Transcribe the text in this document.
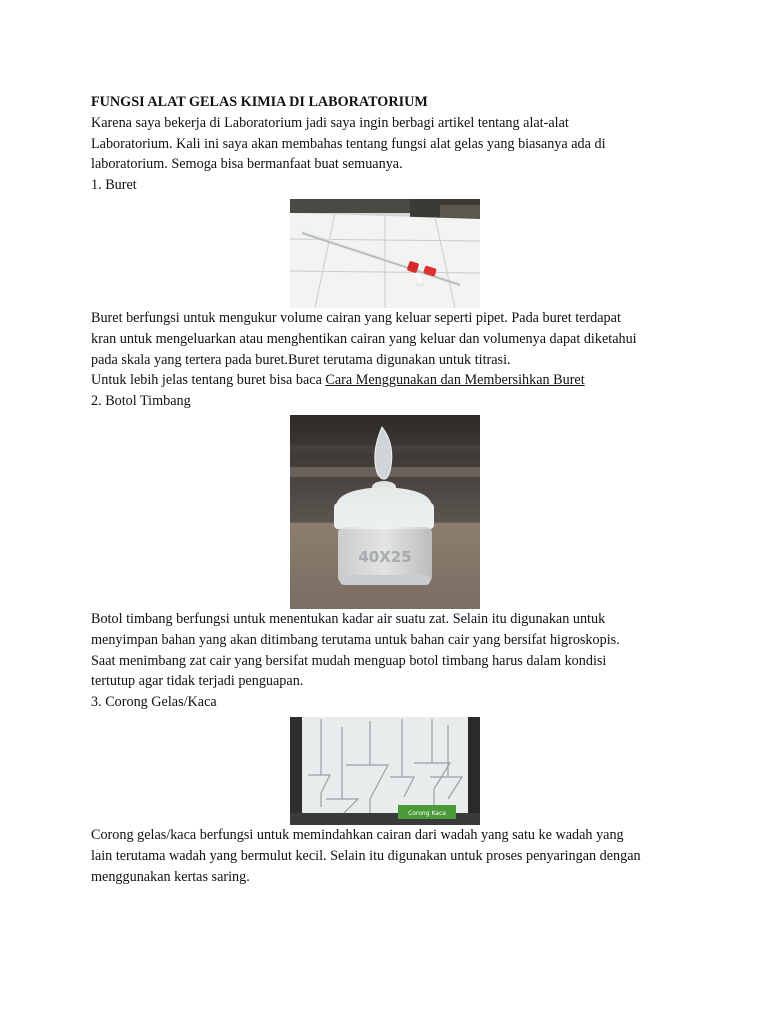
FUNGSI ALAT GELAS KIMIA DI LABORATORIUM

Karena saya bekerja di Laboratorium jadi saya ingin berbagi artikel tentang alat-alat

Laboratorium. Kali ini saya akan membahas tentang fungsi alat gelas yang biasanya ada di

laboratorium. Semoga bisa bermanfaat buat semuanya.

1. Buret

Buret berfungsi untuk mengukur volume cairan yang keluar seperti pipet. Pada buret terdapat

kran untuk mengeluarkan atau menghentikan cairan yang keluar dan volumenya dapat diketahui

pada skala yang tertera pada buret.Buret terutama digunakan untuk titrasi.

Untuk lebih jelas tentang buret bisa baca Cara Menggunakan dan Membersihkan Buret

2. Botol Timbang

40X25

Botol timbang berfungsi untuk menentukan kadar air suatu zat. Selain itu digunakan untuk

menyimpan bahan yang akan ditimbang terutama untuk bahan cair yang bersifat higroskopis.

Saat menimbang zat cair yang bersifat mudah menguap botol timbang harus dalam kondisi

tertutup agar tidak terjadi penguapan.

3. Corong Gelas/Kaca

Corong Kaca

Corong gelas/kaca berfungsi untuk memindahkan cairan dari wadah yang satu ke wadah yang

lain terutama wadah yang bermulut kecil. Selain itu digunakan untuk proses penyaringan dengan

menggunakan kertas saring.
